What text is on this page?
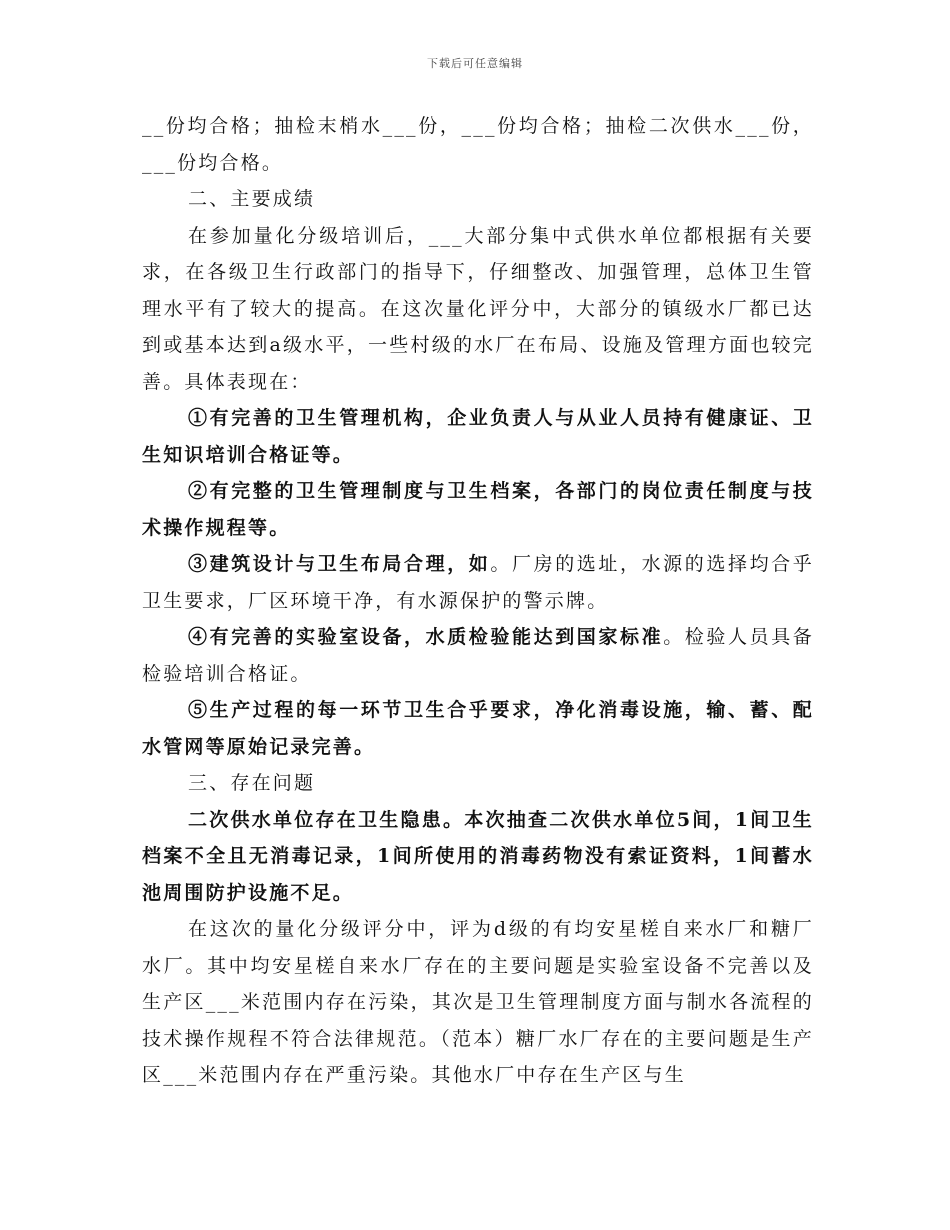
下载后可任意编辑

__份均合格；抽检末梢水___份，___份均合格；抽检二次供水___份，___份均合格。

二、主要成绩

在参加量化分级培训后，___大部分集中式供水单位都根据有关要求，在各级卫生行政部门的指导下，仔细整改、加强管理，总体卫生管理水平有了较大的提高。在这次量化评分中，大部分的镇级水厂都已达到或基本达到a级水平，一些村级的水厂在布局、设施及管理方面也较完善。具体表现在：

①有完善的卫生管理机构，企业负责人与从业人员持有健康证、卫生知识培训合格证等。

②有完整的卫生管理制度与卫生档案，各部门的岗位责任制度与技术操作规程等。

③建筑设计与卫生布局合理，如。厂房的选址，水源的选择均合乎卫生要求，厂区环境干净，有水源保护的警示牌。

④有完善的实验室设备，水质检验能达到国家标准。检验人员具备检验培训合格证。

⑤生产过程的每一环节卫生合乎要求，净化消毒设施，输、蓄、配水管网等原始记录完善。

三、存在问题

二次供水单位存在卫生隐患。本次抽查二次供水单位5间，1间卫生档案不全且无消毒记录，1间所使用的消毒药物没有索证资料，1间蓄水池周围防护设施不足。

在这次的量化分级评分中，评为d级的有均安星槎自来水厂和糖厂水厂。其中均安星槎自来水厂存在的主要问题是实验室设备不完善以及生产区___米范围内存在污染，其次是卫生管理制度方面与制水各流程的技术操作规程不符合法律规范。（范本）糖厂水厂存在的主要问题是生产区___米范围内存在严重污染。其他水厂中存在生产区与生
